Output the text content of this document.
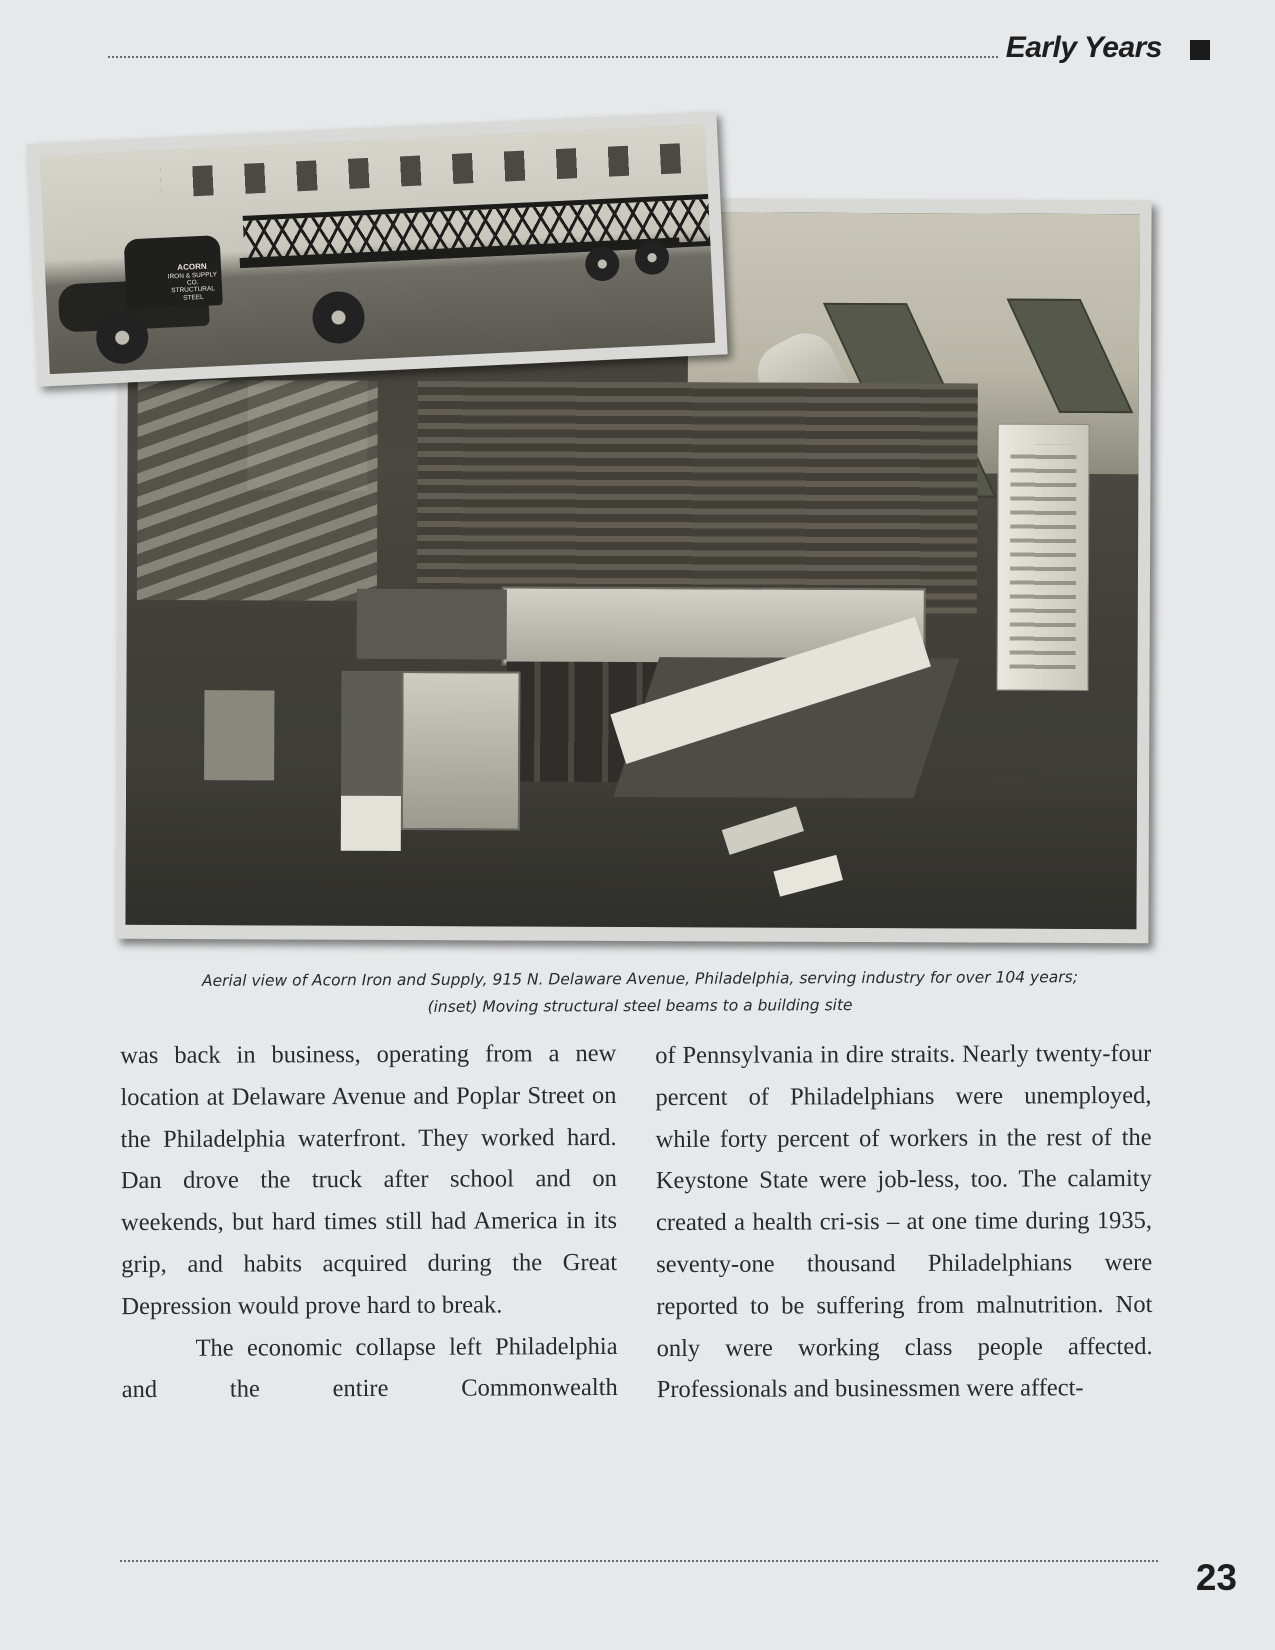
Early Years
ACORN
IRON & SUPPLY CO.
STRUCTURAL STEEL
Aerial view of Acorn Iron and Supply, 915 N. Delaware Avenue, Philadelphia, serving industry for over 104 years;
(inset) Moving structural steel beams to a building site

was back in business, operating from a new location at Delaware Avenue and Poplar Street on the Philadelphia waterfront. They worked hard. Dan drove the truck after school and on weekends, but hard times still had America in its grip, and habits acquired during the Great Depression would prove hard to break.

The economic collapse left Philadelphia and the entire Commonwealth

of Pennsylvania in dire straits. Nearly twenty-four percent of Philadelphians were unemployed, while forty percent of workers in the rest of the Keystone State were job-less, too. The calamity created a health cri-sis – at one time during 1935, seventy-one thousand Philadelphians were reported to be suffering from malnutrition. Not only were working class people affected. Professionals and businessmen were affect-

23
